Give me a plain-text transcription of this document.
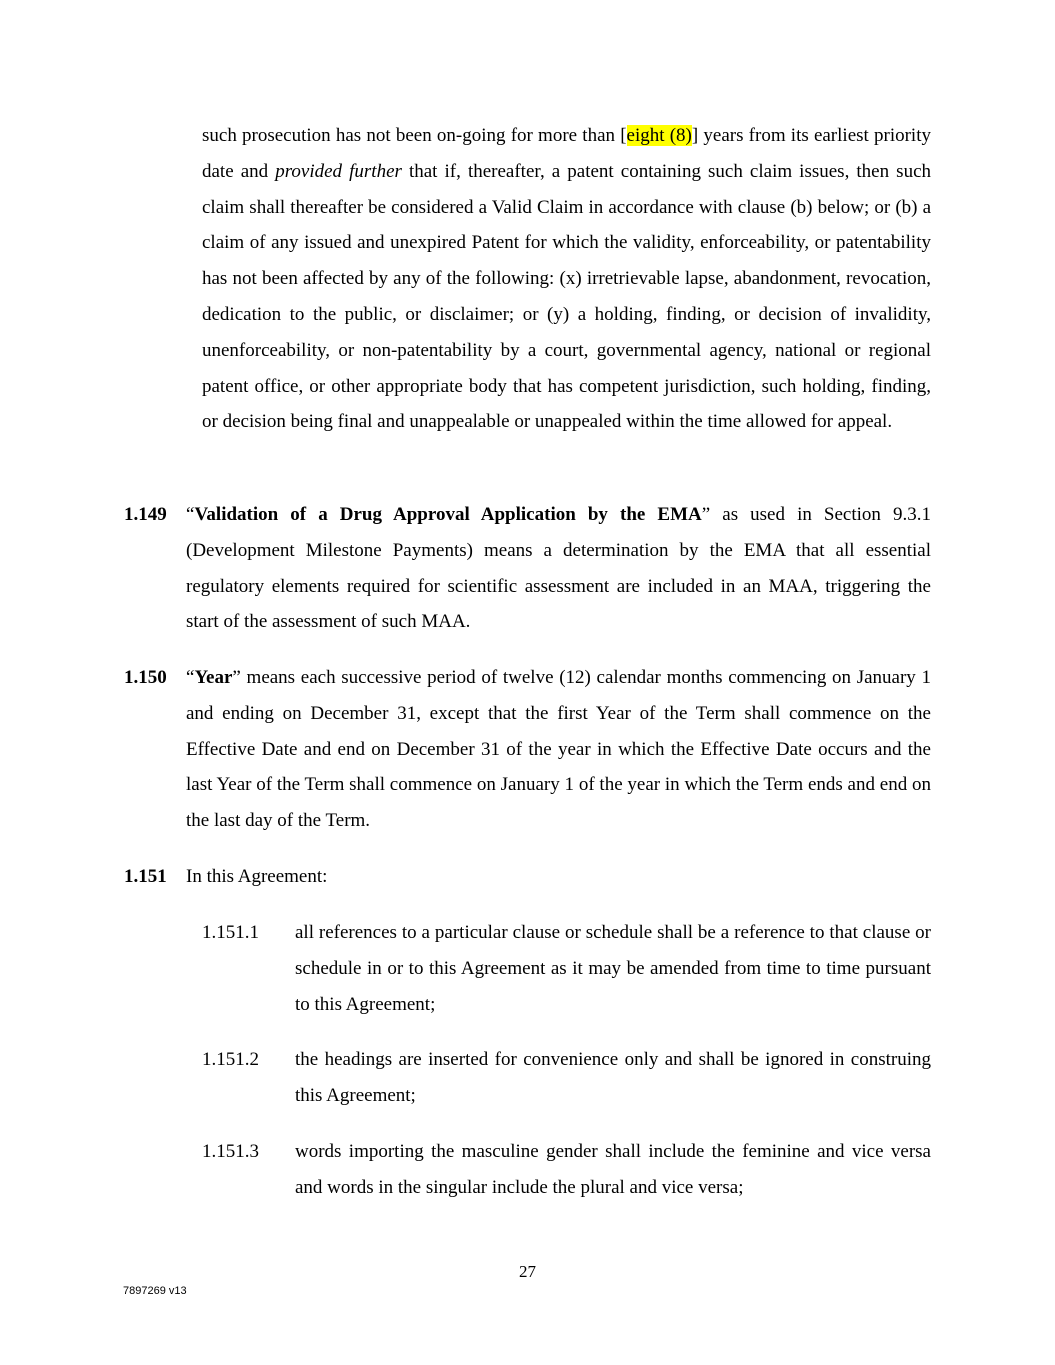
such prosecution has not been on-going for more than [eight (8)] years from its earliest priority date and provided further that if, thereafter, a patent containing such claim issues, then such claim shall thereafter be considered a Valid Claim in accordance with clause (b) below; or (b) a claim of any issued and unexpired Patent for which the validity, enforceability, or patentability has not been affected by any of the following: (x) irretrievable lapse, abandonment, revocation, dedication to the public, or disclaimer; or (y) a holding, finding, or decision of invalidity, unenforceability, or non-patentability by a court, governmental agency, national or regional patent office, or other appropriate body that has competent jurisdiction, such holding, finding, or decision being final and unappealable or unappealed within the time allowed for appeal.
1.149 “Validation of a Drug Approval Application by the EMA” as used in Section 9.3.1 (Development Milestone Payments) means a determination by the EMA that all essential regulatory elements required for scientific assessment are included in an MAA, triggering the start of the assessment of such MAA.
1.150 “Year” means each successive period of twelve (12) calendar months commencing on January 1 and ending on December 31, except that the first Year of the Term shall commence on the Effective Date and end on December 31 of the year in which the Effective Date occurs and the last Year of the Term shall commence on January 1 of the year in which the Term ends and end on the last day of the Term.
1.151 In this Agreement:
1.151.1 all references to a particular clause or schedule shall be a reference to that clause or schedule in or to this Agreement as it may be amended from time to time pursuant to this Agreement;
1.151.2 the headings are inserted for convenience only and shall be ignored in construing this Agreement;
1.151.3 words importing the masculine gender shall include the feminine and vice versa and words in the singular include the plural and vice versa;
27
7897269 v13
